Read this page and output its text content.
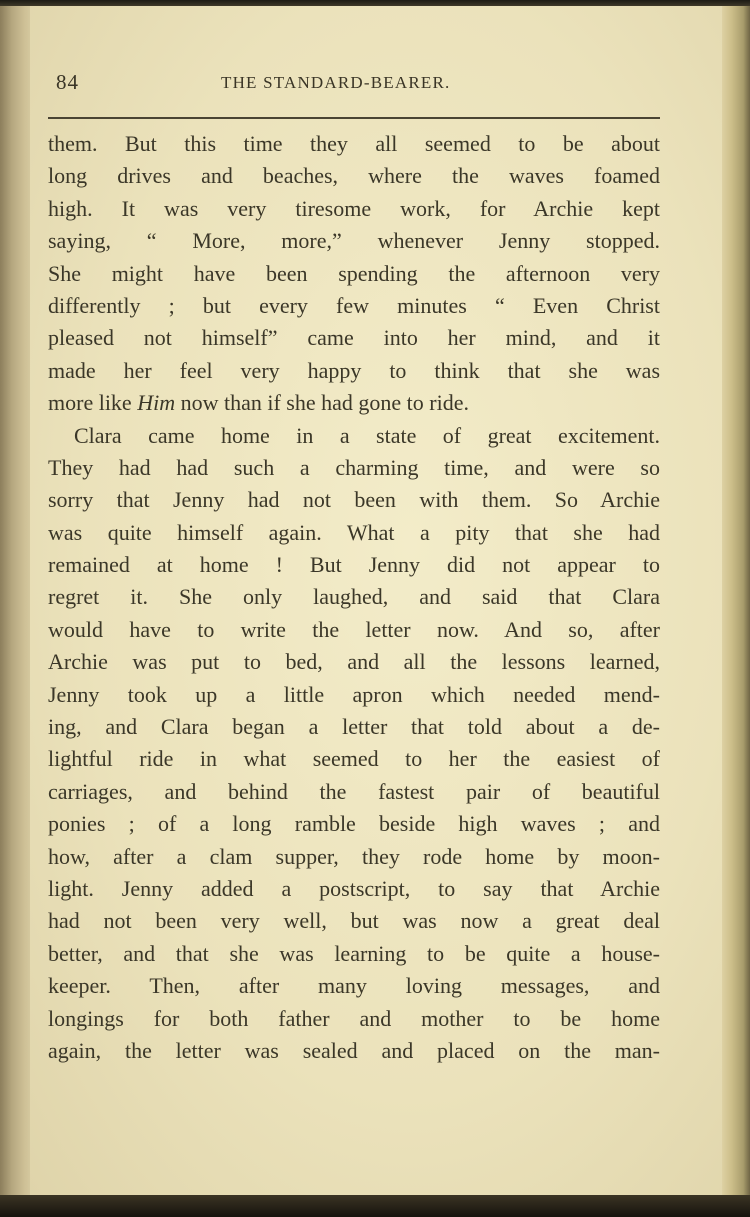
84	THE STANDARD-BEARER.
them. But this time they all seemed to be about
long drives and beaches, where the waves foamed
high. It was very tiresome work, for Archie kept
saying, “ More, more,” whenever Jenny stopped.
She might have been spending the afternoon very
differently ; but every few minutes “ Even Christ
pleased not himself” came into her mind, and it
made her feel very happy to think that she was
more like Him now than if she had gone to ride.
Clara came home in a state of great excitement.
They had had such a charming time, and were so
sorry that Jenny had not been with them. So Archie
was quite himself again. What a pity that she had
remained at home ! But Jenny did not appear to
regret it. She only laughed, and said that Clara
would have to write the letter now. And so, after
Archie was put to bed, and all the lessons learned,
Jenny took up a little apron which needed mend-
ing, and Clara began a letter that told about a de-
lightful ride in what seemed to her the easiest of
carriages, and behind the fastest pair of beautiful
ponies ; of a long ramble beside high waves ; and
how, after a clam supper, they rode home by moon-
light. Jenny added a postscript, to say that Archie
had not been very well, but was now a great deal
better, and that she was learning to be quite a house-
keeper. Then, after many loving messages, and
longings for both father and mother to be home
again, the letter was sealed and placed on the man-
